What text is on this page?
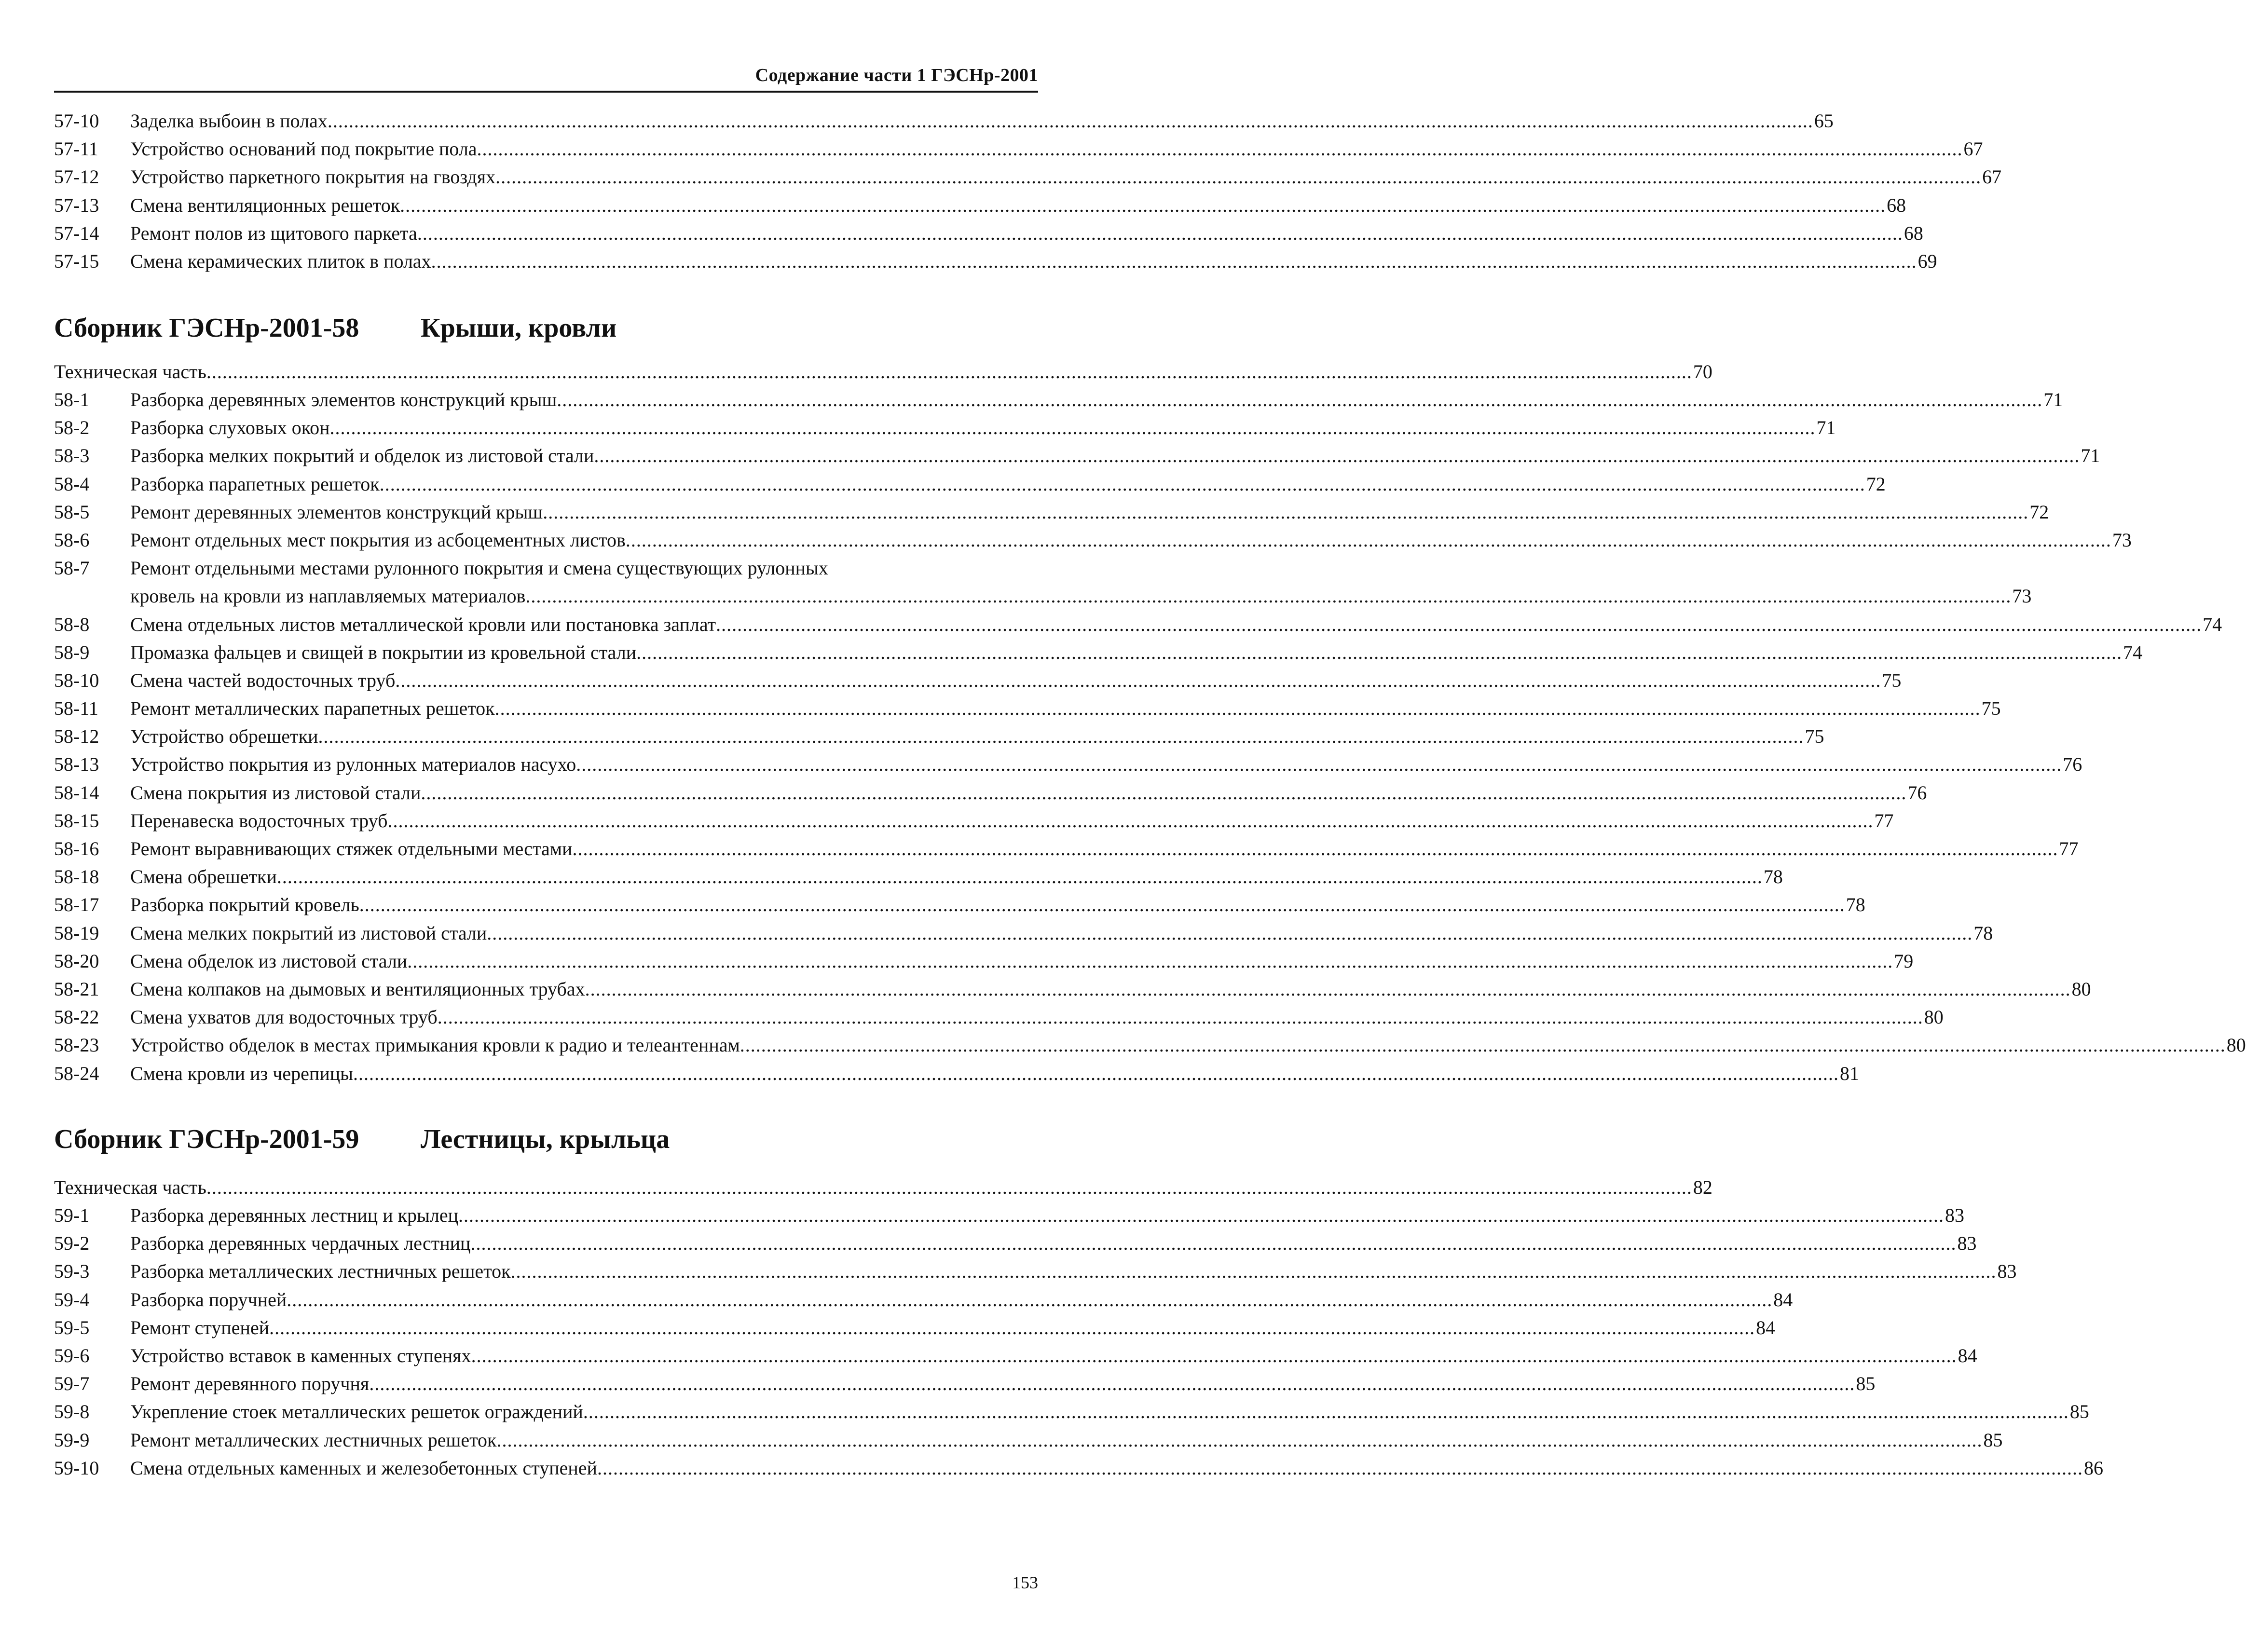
Содержание части 1 ГЭСНр-2001
57-10 Заделка выбоин в полах .....	65
57-11 Устройство оснований под покрытие пола .....	67
57-12 Устройство паркетного покрытия на гвоздях .....	67
57-13 Смена вентиляционных решеток .....	68
57-14 Ремонт полов из щитового паркета .....	68
57-15 Смена керамических плиток в полах .....	69
Сборник ГЭСНр-2001-58 Крыши, кровли
Техническая часть .....	70
58-1 Разборка деревянных элементов конструкций крыш .....	71
58-2 Разборка слуховых окон .....	71
58-3 Разборка мелких покрытий и обделок из листовой стали .....	71
58-4 Разборка парапетных решеток .....	72
58-5 Ремонт деревянных элементов конструкций крыш .....	72
58-6 Ремонт отдельных мест покрытия из асбоцементных листов .....	73
58-7 Ремонт отдельными местами рулонного покрытия и смена существующих рулонных
кровель на кровли из наплавляемых материалов .....	73
58-8 Смена отдельных листов металлической кровли или постановка заплат .....	74
58-9 Промазка фальцев и свищей в покрытии из кровельной стали .....	74
58-10 Смена частей водосточных труб .....	75
58-11 Ремонт металлических парапетных решеток .....	75
58-12 Устройство обрешетки .....	75
58-13 Устройство покрытия из рулонных материалов насухо .....	76
58-14 Смена покрытия из листовой стали .....	76
58-15 Перенавеска водосточных труб .....	77
58-16 Ремонт выравнивающих стяжек отдельными местами .....	77
58-18 Смена обрешетки .....	78
58-17 Разборка покрытий кровель .....	78
58-19 Смена мелких покрытий из листовой стали .....	78
58-20 Смена обделок из листовой стали .....	79
58-21 Смена колпаков на дымовых и вентиляционных трубах .....	80
58-22 Смена ухватов для водосточных труб .....	80
58-23 Устройство обделок в местах примыкания кровли к радио и телеантеннам .....	80
58-24 Смена кровли из черепицы .....	81
Сборник ГЭСНр-2001-59 Лестницы, крыльца
Техническая часть .....	82
59-1 Разборка деревянных лестниц и крылец .....	83
59-2 Разборка деревянных чердачных лестниц .....	83
59-3 Разборка металлических лестничных решеток .....	83
59-4 Разборка поручней .....	84
59-5 Ремонт ступеней .....	84
59-6 Устройство вставок в каменных ступенях .....	84
59-7 Ремонт деревянного поручня .....	85
59-8 Укрепление стоек металлических решеток ограждений .....	85
59-9 Ремонт металлических лестничных решеток .....	85
59-10 Смена отдельных каменных и железобетонных ступеней .....	86
153
